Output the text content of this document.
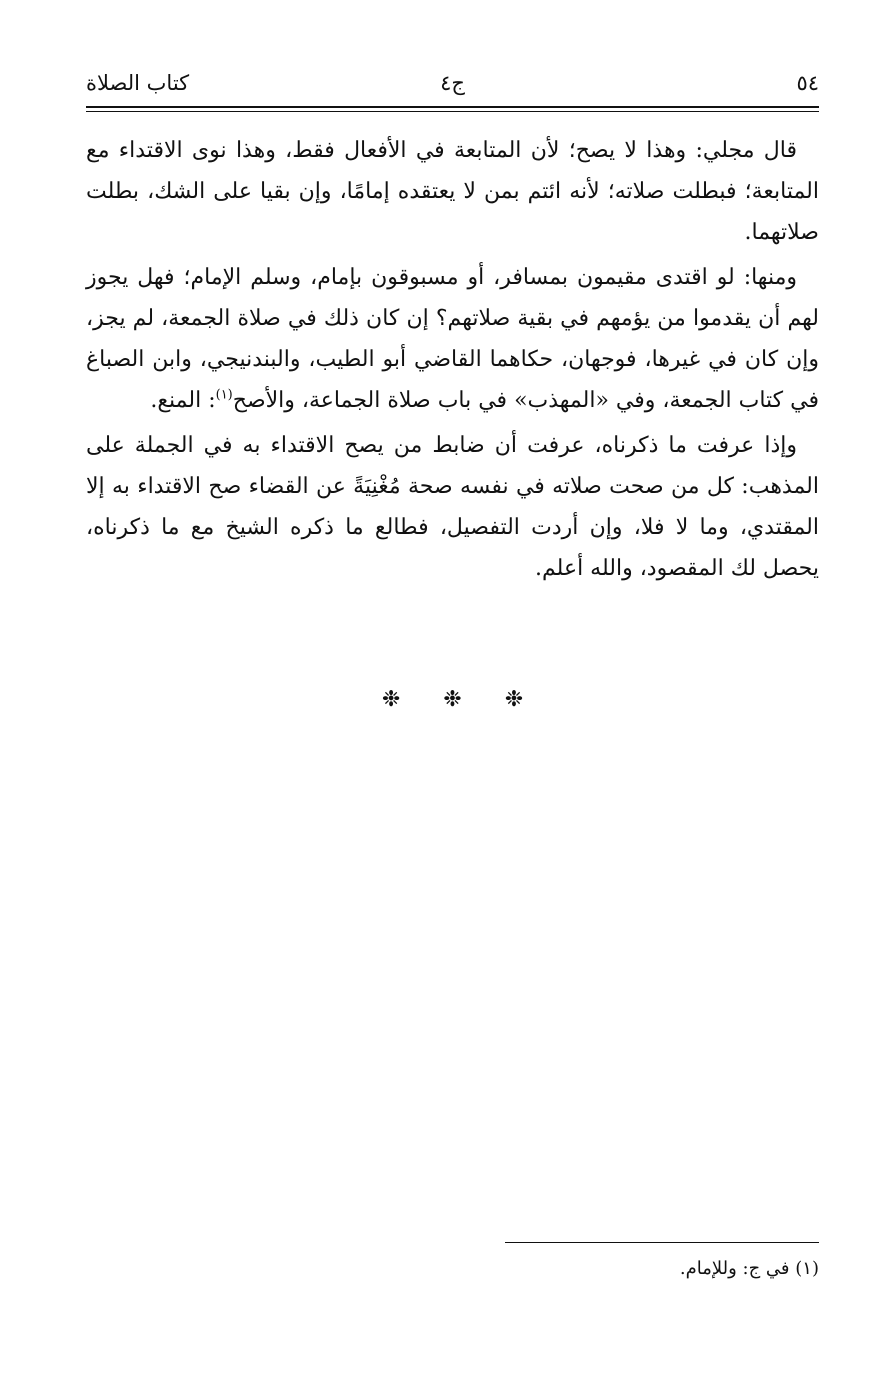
كتاب الصلاة	ج٤	٥٤

قال مجلي: وهذا لا يصح؛ لأن المتابعة في الأفعال فقط، وهذا نوى الاقتداء مع المتابعة؛ فبطلت صلاته؛ لأنه ائتم بمن لا يعتقده إمامًا، وإن بقيا على الشك، بطلت صلاتهما.

ومنها: لو اقتدى مقيمون بمسافر، أو مسبوقون بإمام، وسلم الإمام؛ فهل يجوز لهم أن يقدموا من يؤمهم في بقية صلاتهم؟ إن كان ذلك في صلاة الجمعة، لم يجز، وإن كان في غيرها، فوجهان، حكاهما القاضي أبو الطيب، والبندنيجي، وابن الصباغ في كتاب الجمعة، وفي «المهذب» في باب صلاة الجماعة، والأصح$^{(١)}$: المنع.

وإذا عرفت ما ذكرناه، عرفت أن ضابط من يصح الاقتداء به في الجملة على المذهب: كل من صحت صلاته في نفسه صحة مُغْنِيَةً عن القضاء صح الاقتداء به إلا المقتدي، وما لا فلا، وإن أردت التفصيل، فطالع ما ذكره الشيخ مع ما ذكرناه، يحصل لك المقصود، والله أعلم.

❉ ❉ ❉
(١) في ج: وللإمام.
